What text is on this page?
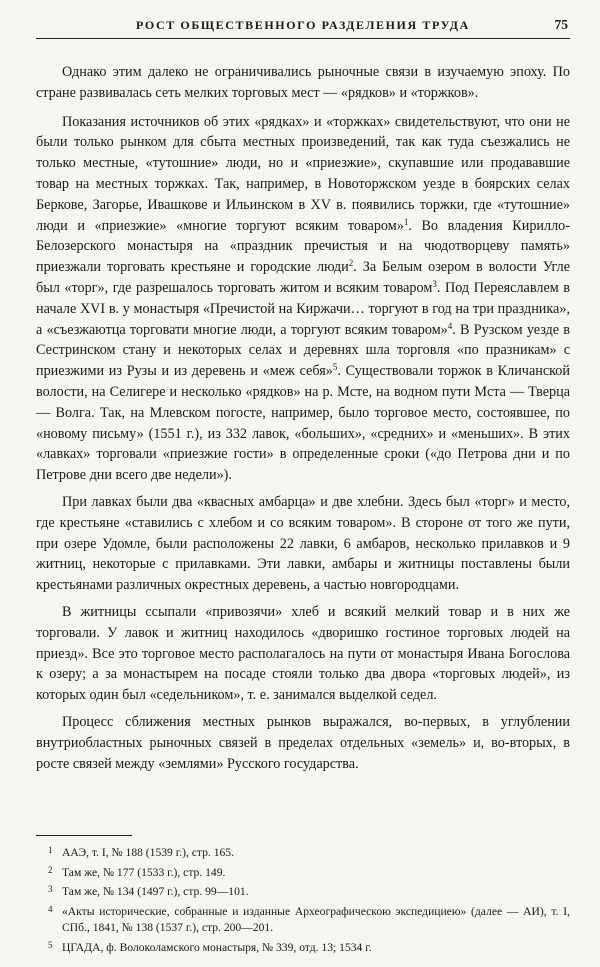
РОСТ ОБЩЕСТВЕННОГО РАЗДЕЛЕНИЯ ТРУДА	75

Однако этим далеко не ограничивались рыночные связи в изучаемую эпоху. По стране развивалась сеть мелких торговых мест — «рядков» и «торжков».

Показания источников об этих «рядках» и «торжках» свидетельствуют, что они не были только рынком для сбыта местных произведений, так как туда съезжались не только местные, «тутошние» люди, но и «приезжие», скупавшие или продававшие товар на местных торжках. Так, например, в Новоторжском уезде в боярских селах Беркове, Загорье, Ивашкове и Ильинском в XV в. появились торжки, где «тутошние» люди и «приезжие» «многие торгуют всяким товаром»$^1$. Во владения Кирилло-Белозерского монастыря на «праздник пречистыя и на чюдотворцеву память» приезжали торговать крестьяне и городские люди$^2$. За Белым озером в волости Угле был «торг», где разрешалось торговать житом и всяким товаром$^3$. Под Переяславлем в начале XVI в. у монастыря «Пречистой на Киржачи… торгуют в год на три праздника», а «съезжаютца торговати многие люди, а торгуют всяким товаром»$^4$. В Рузском уезде в Сестринском стану и некоторых селах и деревнях шла торговля «по празникам» с приезжими из Рузы и из деревень и «меж себя»$^5$. Существовали торжок в Кличанской волости, на Селигере и несколько «рядков» на р. Мсте, на водном пути Мста — Тверца — Волга. Так, на Млевском погосте, например, было торговое место, состоявшее, по «новому письму» (1551 г.), из 332 лавок, «больших», «средних» и «меньших». В этих «лавках» торговали «приезжие гости» в определенные сроки («до Петрова дни и по Петрове дни всего две недели»).

При лавках были два «квасных амбарца» и две хлебни. Здесь был «торг» и место, где крестьяне «ставились с хлебом и со всяким товаром». В стороне от того же пути, при озере Удомле, были расположены 22 лавки, 6 амбаров, несколько прилавков и 9 житниц, некоторые с прилавками. Эти лавки, амбары и житницы поставлены были крестьянами различных окрестных деревень, а частью новгородцами.

В житницы ссыпали «привозячи» хлеб и всякий мелкий товар и в них же торговали. У лавок и житниц находилось «дворишко гостиное торговых людей на приезд». Все это торговое место располагалось на пути от монастыря Ивана Богослова к озеру; а за монастырем на посаде стояли только два двора «торговых людей», из которых один был «седельником», т. е. занимался выделкой седел.

Процесс сближения местных рынков выражался, во-первых, в углублении внутриобластных рыночных связей в пределах отдельных «земель» и, во-вторых, в росте связей между «землями» Русского государства.

1 ААЭ, т. I, № 188 (1539 г.), стр. 165.
2 Там же, № 177 (1533 г.), стр. 149.
3 Там же, № 134 (1497 г.), стр. 99—101.
4 «Акты исторические, собранные и изданные Археографическою экспедициею» (далее — АИ), т. I, СПб., 1841, № 138 (1537 г.), стр. 200—201.
5 ЦГАДА, ф. Волоколамского монастыря, № 339, отд. 13; 1534 г.
